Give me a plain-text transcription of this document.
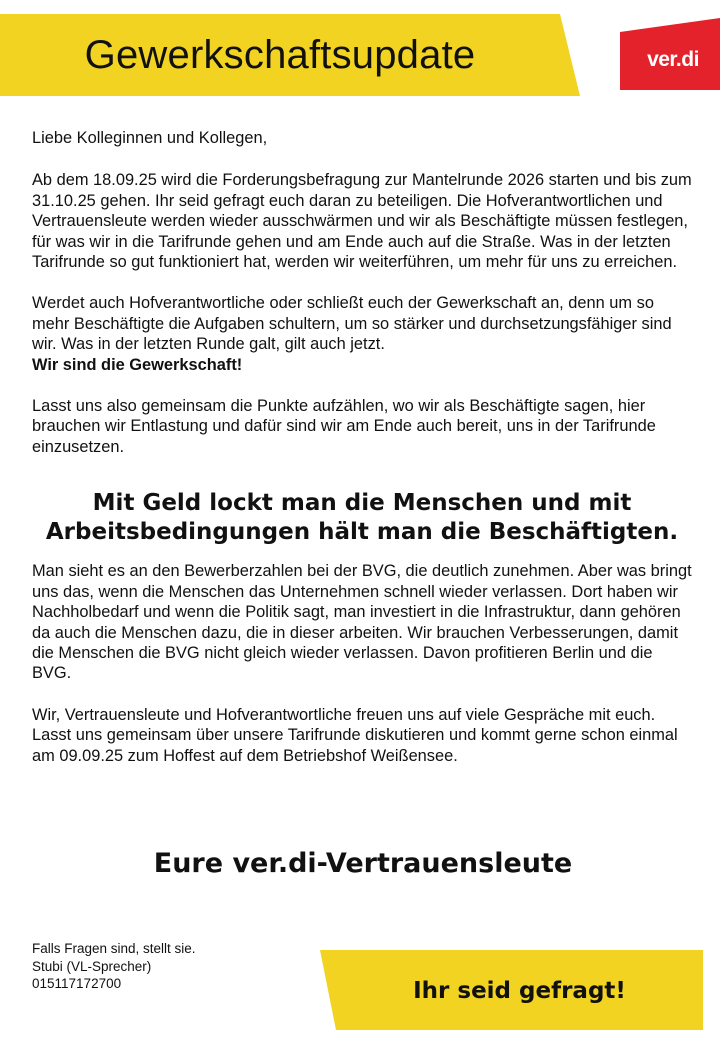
Gewerkschaftsupdate	ver.di

Liebe Kolleginnen und Kollegen,

Ab dem 18.09.25 wird die Forderungsbefragung zur Mantelrunde 2026 starten und bis zum 31.10.25 gehen. Ihr seid gefragt euch daran zu beteiligen. Die Hofverantwortlichen und Vertrauensleute werden wieder ausschwärmen und wir als Beschäftigte müssen festlegen, für was wir in die Tarifrunde gehen und am Ende auch auf die Straße. Was in der letzten Tarifrunde so gut funktioniert hat, werden wir weiterführen, um mehr für uns zu erreichen.

Werdet auch Hofverantwortliche oder schließt euch der Gewerkschaft an, denn um so mehr Beschäftigte die Aufgaben schultern, um so stärker und durchsetzungsfähiger sind wir. Was in der letzten Runde galt, gilt auch jetzt.
Wir sind die Gewerkschaft!

Lasst uns also gemeinsam die Punkte aufzählen, wo wir als Beschäftigte sagen, hier brauchen wir Entlastung und dafür sind wir am Ende auch bereit, uns in der Tarifrunde einzusetzen.

Mit Geld lockt man die Menschen und mit Arbeitsbedingungen hält man die Beschäftigten.

Man sieht es an den Bewerberzahlen bei der BVG, die deutlich zunehmen. Aber was bringt uns das, wenn die Menschen das Unternehmen schnell wieder verlassen. Dort haben wir Nachholbedarf und wenn die Politik sagt, man investiert in die Infrastruktur, dann gehören da auch die Menschen dazu, die in dieser arbeiten. Wir brauchen Verbesserungen, damit die Menschen die BVG nicht gleich wieder verlassen. Davon profitieren Berlin und die BVG.

Wir, Vertrauensleute und Hofverantwortliche freuen uns auf viele Gespräche mit euch. Lasst uns gemeinsam über unsere Tarifrunde diskutieren und kommt gerne schon einmal am 09.09.25 zum Hoffest auf dem Betriebshof Weißensee.

Eure ver.di-Vertrauensleute
Falls Fragen sind, stellt sie.
Stubi (VL-Sprecher)
015117172700	Ihr seid gefragt!
